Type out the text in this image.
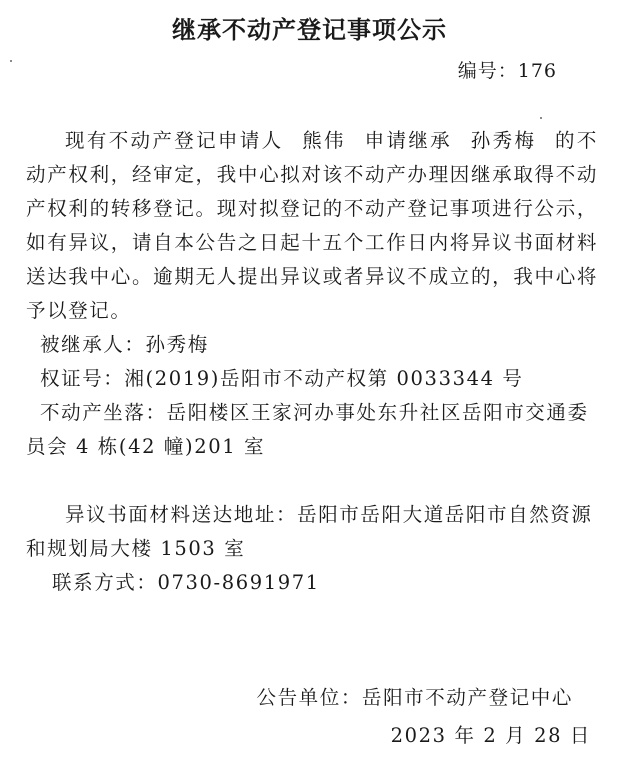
继承不动产登记事项公示
编号：176

现有不动产登记申请人 熊伟 申请继承 孙秀梅 的不动产权利，经审定，我中心拟对该不动产办理因继承取得不动产权利的转移登记。现对拟登记的不动产登记事项进行公示，如有异议，请自本公告之日起十五个工作日内将异议书面材料送达我中心。逾期无人提出异议或者异议不成立的，我中心将予以登记。

被继承人：孙秀梅

权证号：湘(2019)岳阳市不动产权第 0033344 号

不动产坐落：岳阳楼区王家河办事处东升社区岳阳市交通委
员会 4 栋(42 幢)201 室

异议书面材料送达地址：岳阳市岳阳大道岳阳市自然资源和规划局大楼 1503 室

联系方式：0730-8691971

公告单位：岳阳市不动产登记中心
2023 年 2 月 28 日
